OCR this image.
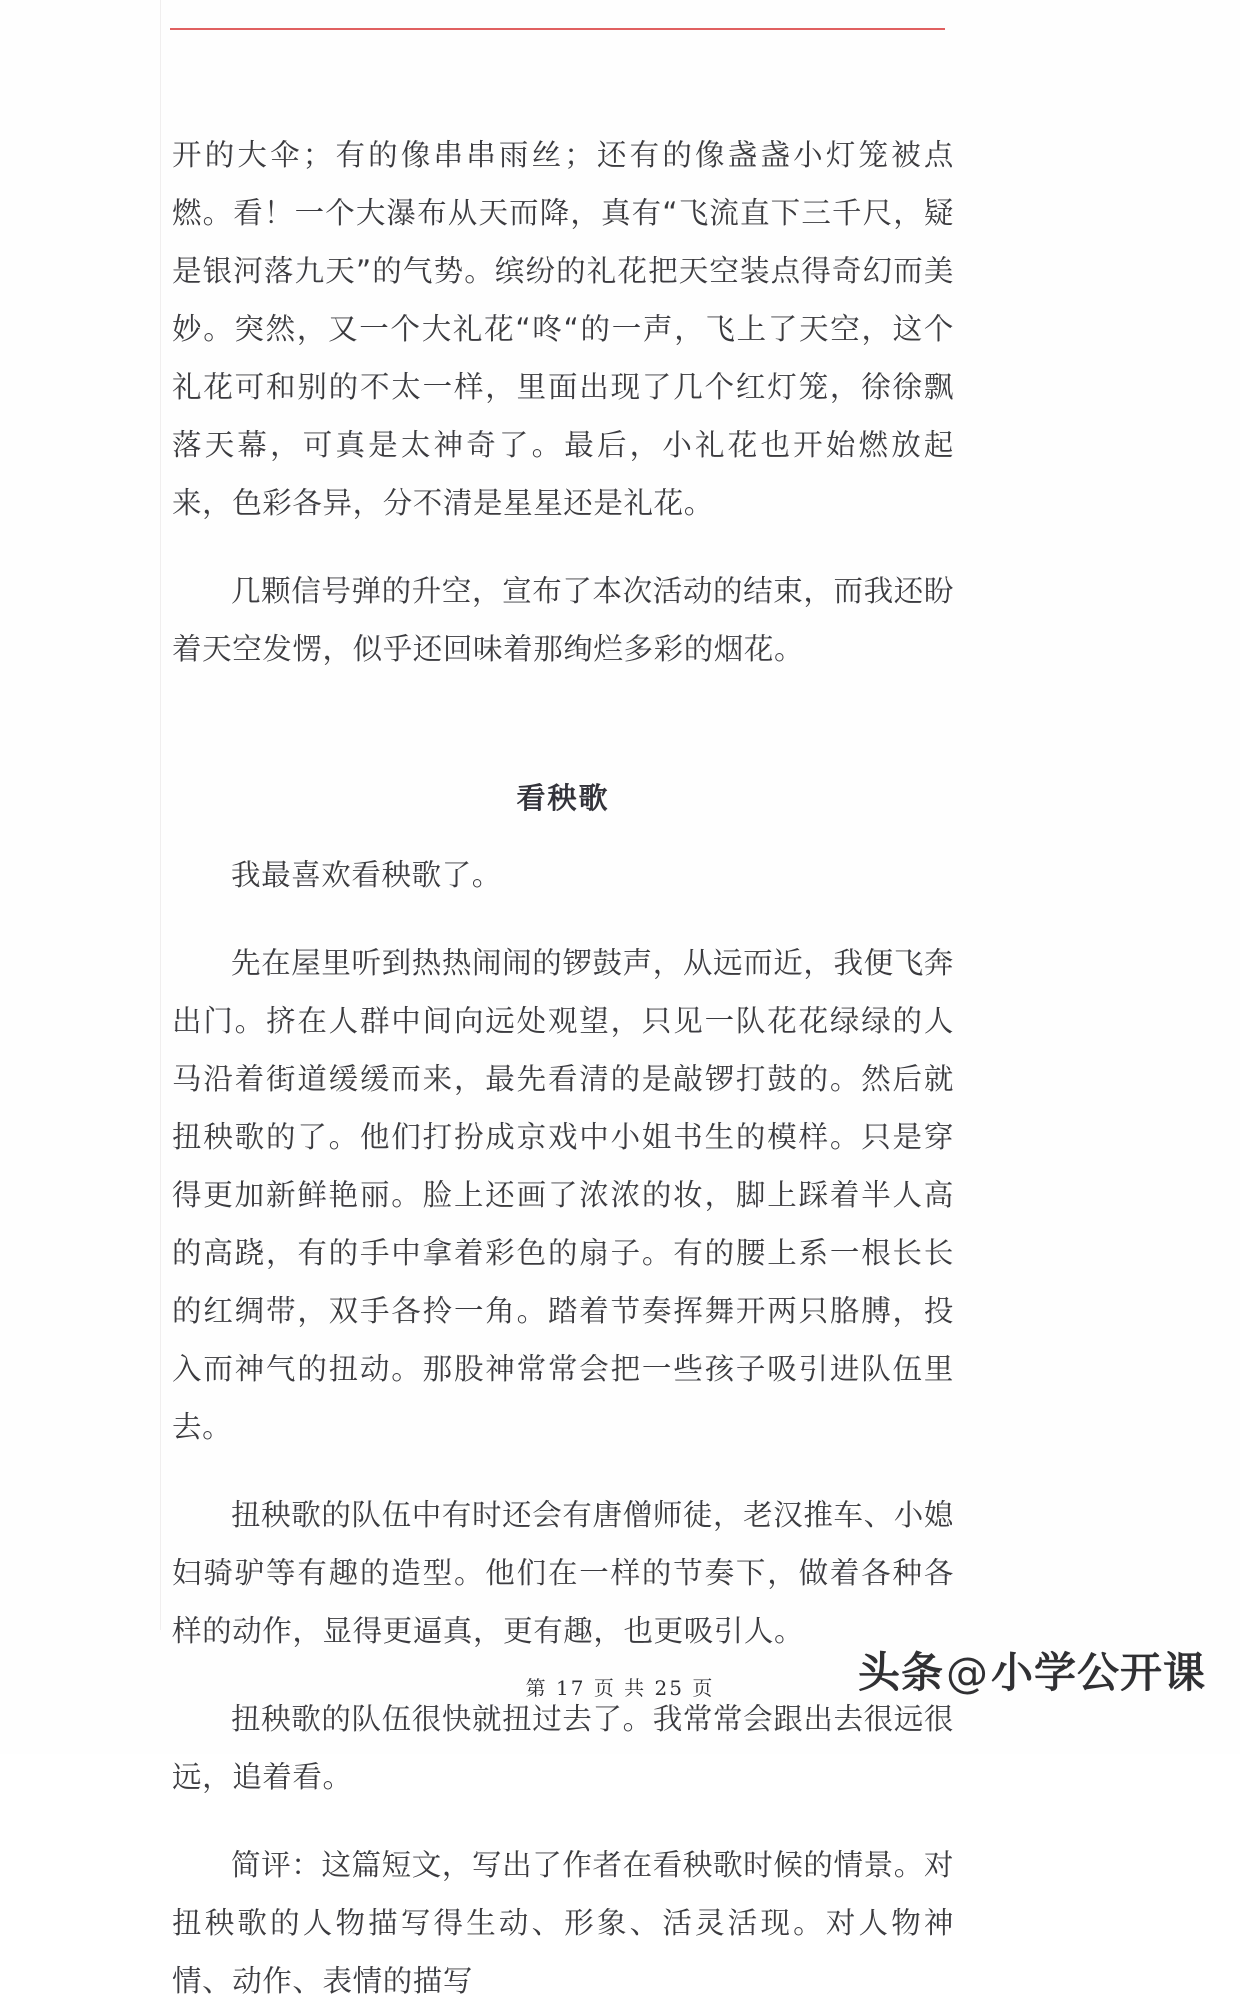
开的大伞；有的像串串雨丝；还有的像盏盏小灯笼被点燃。看！一个大瀑布从天而降，真有“飞流直下三千尺，疑是银河落九天”的气势。缤纷的礼花把天空装点得奇幻而美妙。突然，又一个大礼花“咚“的一声，飞上了天空，这个礼花可和别的不太一样，里面出现了几个红灯笼，徐徐飘落天幕，可真是太神奇了。最后，小礼花也开始燃放起来，色彩各异，分不清是星星还是礼花。

几颗信号弹的升空，宣布了本次活动的结束，而我还盼着天空发愣，似乎还回味着那绚烂多彩的烟花。

看秧歌

我最喜欢看秧歌了。

先在屋里听到热热闹闹的锣鼓声，从远而近，我便飞奔出门。挤在人群中间向远处观望，只见一队花花绿绿的人马沿着街道缓缓而来，最先看清的是敲锣打鼓的。然后就扭秧歌的了。他们打扮成京戏中小姐书生的模样。只是穿得更加新鲜艳丽。脸上还画了浓浓的妆，脚上踩着半人高的高跷，有的手中拿着彩色的扇子。有的腰上系一根长长的红绸带，双手各拎一角。踏着节奏挥舞开两只胳膊，投入而神气的扭动。那股神常常会把一些孩子吸引进队伍里去。

扭秧歌的队伍中有时还会有唐僧师徒，老汉推车、小媳妇骑驴等有趣的造型。他们在一样的节奏下，做着各种各样的动作，显得更逼真，更有趣，也更吸引人。

扭秧歌的队伍很快就扭过去了。我常常会跟出去很远很远，追着看。

简评：这篇短文，写出了作者在看秧歌时候的情景。对扭秧歌的人物描写得生动、形象、活灵活现。对人物神情、动作、表情的描写

第 17 页 共 25 页	头条@小学公开课
